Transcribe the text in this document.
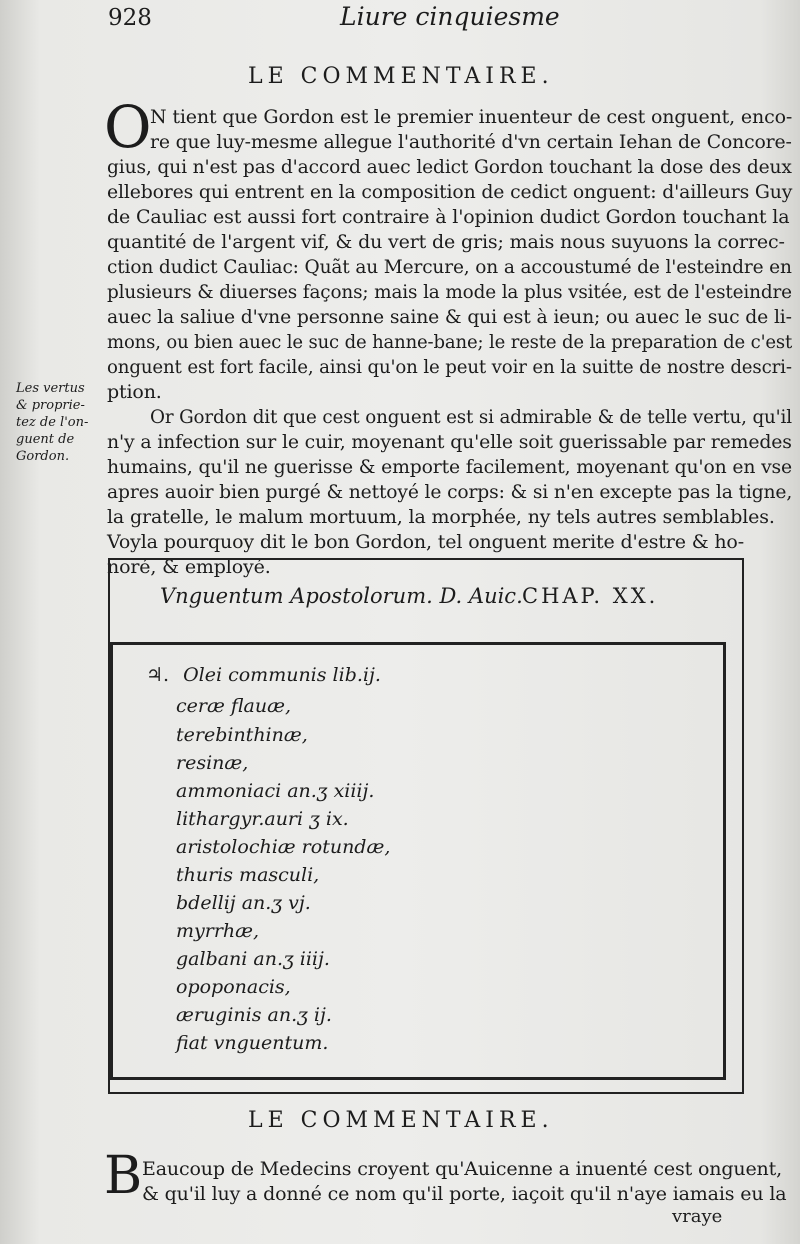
928	Liure cinquiesme
LE COMMENTAIRE.
O
N tient que Gordon est le premier inuenteur de cest onguent, enco-
re que luy-mesme allegue l'authorité d'vn certain Iehan de Concore-
gius, qui n'est pas d'accord auec ledict Gordon touchant la dose des deux
ellebores qui entrent en la composition de cedict onguent: d'ailleurs Guy
de Cauliac est aussi fort contraire à l'opinion dudict Gordon touchant la
quantité de l'argent vif, & du vert de gris; mais nous suyuons la correc-
ction dudict Cauliac: Quãt au Mercure, on a accoustumé de l'esteindre en
plusieurs & diuerses façons; mais la mode la plus vsitée, est de l'esteindre
auec la saliue d'vne personne saine & qui est à ieun; ou auec le suc de li-
mons, ou bien auec le suc de hanne-bane; le reste de la preparation de c'est
onguent est fort facile, ainsi qu'on le peut voir en la suitte de nostre descri-
ption.
Les vertus
& proprie-
tez de l'on-
guent de
Gordon.
Or Gordon dit que cest onguent est si admirable & de telle vertu, qu'il
n'y a infection sur le cuir, moyenant qu'elle soit guerissable par remedes
humains, qu'il ne guerisse & emporte facilement, moyenant qu'on en vse
apres auoir bien purgé & nettoyé le corps: & si n'en excepte pas la tigne,
la gratelle, le malum mortuum, la morphée, ny tels autres semblables.
Voyla pourquoy dit le bon Gordon, tel onguent merite d'estre & ho-
noré, & employé.
Vnguentum Apostolorum. D. Auic. CHAP. XX.
♃. Olei communis lib.ij.
ceræ flauæ,
terebinthinæ,
resinæ,
ammoniaci an.ʒ xiiij.
lithargyr.auri ʒ ix.
aristolochiæ rotundæ,
thuris masculi,
bdellij an.ʒ vj.
myrrhæ,
galbani an.ʒ iiij.
opoponacis,
æruginis an.ʒ ij.
fiat vnguentum.
LE COMMENTAIRE.
B Eaucoup de Medecins croyent qu'Auicenne a inuenté cest onguent,
& qu'il luy a donné ce nom qu'il porte, iaçoit qu'il n'aye iamais eu la
vraye
